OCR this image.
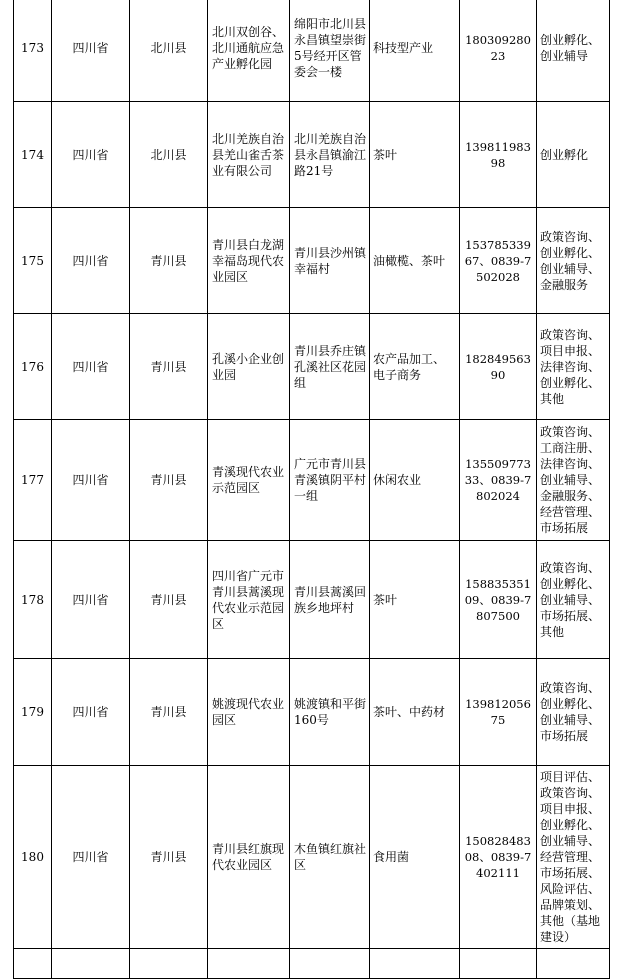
173	四川省	北川县	北川双创谷、北川通航应急产业孵化园	绵阳市北川县永昌镇望崇街5号经开区管委会一楼	科技型产业	18030928023	创业孵化、创业辅导
174	四川省	北川县	北川羌族自治县羌山雀舌茶业有限公司	北川羌族自治县永昌镇渝江路21号	茶叶	13981198398	创业孵化
175	四川省	青川县	青川县白龙湖幸福岛现代农业园区	青川县沙州镇幸福村	油橄榄、茶叶	15378533967、0839-7502028	政策咨询、创业孵化、创业辅导、金融服务
176	四川省	青川县	孔溪小企业创业园	青川县乔庄镇孔溪社区花园组	农产品加工、电子商务	18284956390	政策咨询、项目申报、法律咨询、创业孵化、其他
177	四川省	青川县	青溪现代农业示范园区	广元市青川县青溪镇阴平村一组	休闲农业	13550977333、0839-7802024	政策咨询、工商注册、法律咨询、创业辅导、金融服务、经营管理、市场拓展
178	四川省	青川县	四川省广元市青川县蒿溪现代农业示范园区	青川县蒿溪回族乡地坪村	茶叶	15883535109、0839-7807500	政策咨询、创业孵化、创业辅导、市场拓展、其他
179	四川省	青川县	姚渡现代农业园区	姚渡镇和平街160号	茶叶、中药材	13981205675	政策咨询、创业孵化、创业辅导、市场拓展
180	四川省	青川县	青川县红旗现代农业园区	木鱼镇红旗社区	食用菌	15082848308、0839-7402111	项目评估、政策咨询、项目申报、创业孵化、创业辅导、经营管理、市场拓展、风险评估、品牌策划、其他（基地建设）
